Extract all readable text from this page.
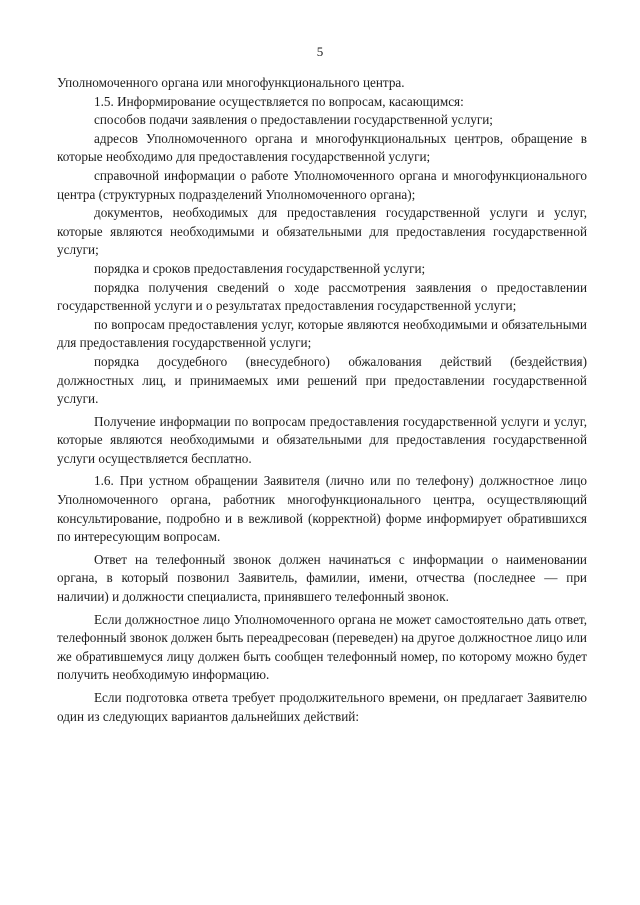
5

Уполномоченного органа или многофункционального центра.

1.5. Информирование осуществляется по вопросам, касающимся:

способов подачи заявления о предоставлении государственной услуги;

адресов Уполномоченного органа и многофункциональных центров, обращение в которые необходимо для предоставления государственной услуги;

справочной информации о работе Уполномоченного органа и многофункционального центра (структурных подразделений Уполномоченного органа);

документов, необходимых для предоставления государственной услуги и услуг, которые являются необходимыми и обязательными для предоставления государственной услуги;

порядка и сроков предоставления государственной услуги;

порядка получения сведений о ходе рассмотрения заявления о предоставлении государственной услуги и о результатах предоставления государственной услуги;

по вопросам предоставления услуг, которые являются необходимыми и обязательными для предоставления государственной услуги;

порядка досудебного (внесудебного) обжалования действий (бездействия) должностных лиц, и принимаемых ими решений при предоставлении государственной услуги.

Получение информации по вопросам предоставления государственной услуги и услуг, которые являются необходимыми и обязательными для предоставления государственной услуги осуществляется бесплатно.

1.6. При устном обращении Заявителя (лично или по телефону) должностное лицо Уполномоченного органа, работник многофункционального центра, осуществляющий консультирование, подробно и в вежливой (корректной) форме информирует обратившихся по интересующим вопросам.

Ответ на телефонный звонок должен начинаться с информации о наименовании органа, в который позвонил Заявитель, фамилии, имени, отчества (последнее — при наличии) и должности специалиста, принявшего телефонный звонок.

Если должностное лицо Уполномоченного органа не может самостоятельно дать ответ, телефонный звонок должен быть переадресован (переведен) на другое должностное лицо или же обратившемуся лицу должен быть сообщен телефонный номер, по которому можно будет получить необходимую информацию.

Если подготовка ответа требует продолжительного времени, он предлагает Заявителю один из следующих вариантов дальнейших действий:
